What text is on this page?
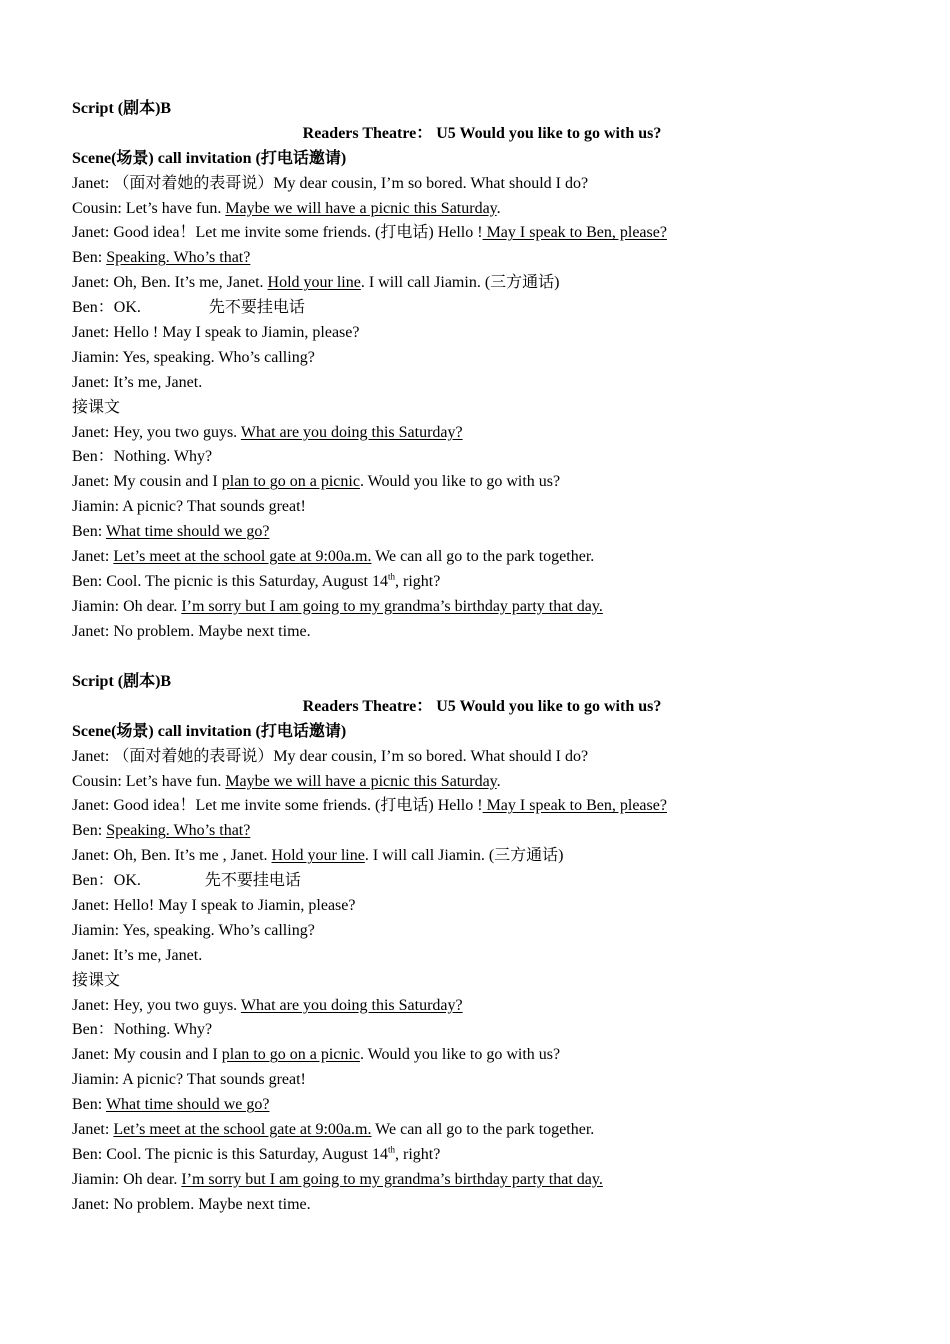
Script (剧本)B
Readers Theatre： U5 Would you like to go with us?
Scene(场景) call invitation (打电话邀请)
Janet: （面对着她的表哥说）My dear cousin, I’m so bored. What should I do?
Cousin: Let’s have fun. Maybe we will have a picnic this Saturday.
Janet: Good idea！Let me invite some friends. (打电话) Hello ! May I speak to Ben, please?
Ben: Speaking. Who’s that?
Janet: Oh, Ben. It’s me, Janet. Hold your line. I will call Jiamin. (三方通话)
Ben：OK.	先不要挂电话
Janet: Hello ! May I speak to Jiamin, please?
Jiamin: Yes, speaking. Who’s calling?
Janet: It’s me, Janet.
接课文
Janet: Hey, you two guys. What are you doing this Saturday?
Ben：Nothing. Why?
Janet: My cousin and I plan to go on a picnic. Would you like to go with us?
Jiamin: A picnic? That sounds great!
Ben: What time should we go?
Janet: Let’s meet at the school gate at 9:00a.m. We can all go to the park together.
Ben: Cool. The picnic is this Saturday, August 14th, right?
Jiamin: Oh dear. I’m sorry but I am going to my grandma’s birthday party that day.
Janet: No problem. Maybe next time.
Script (剧本)B
Readers Theatre： U5 Would you like to go with us?
Scene(场景) call invitation (打电话邀请)
Janet: （面对着她的表哥说）My dear cousin, I’m so bored. What should I do?
Cousin: Let’s have fun. Maybe we will have a picnic this Saturday.
Janet: Good idea！Let me invite some friends. (打电话) Hello ! May I speak to Ben, please?
Ben: Speaking. Who’s that?
Janet: Oh, Ben. It’s me , Janet. Hold your line. I will call Jiamin. (三方通话)
Ben：OK.	先不要挂电话
Janet: Hello! May I speak to Jiamin, please?
Jiamin: Yes, speaking. Who’s calling?
Janet: It’s me, Janet.
接课文
Janet: Hey, you two guys. What are you doing this Saturday?
Ben：Nothing. Why?
Janet: My cousin and I plan to go on a picnic. Would you like to go with us?
Jiamin: A picnic? That sounds great!
Ben: What time should we go?
Janet: Let’s meet at the school gate at 9:00a.m. We can all go to the park together.
Ben: Cool. The picnic is this Saturday, August 14th, right?
Jiamin: Oh dear. I’m sorry but I am going to my grandma’s birthday party that day.
Janet: No problem. Maybe next time.
